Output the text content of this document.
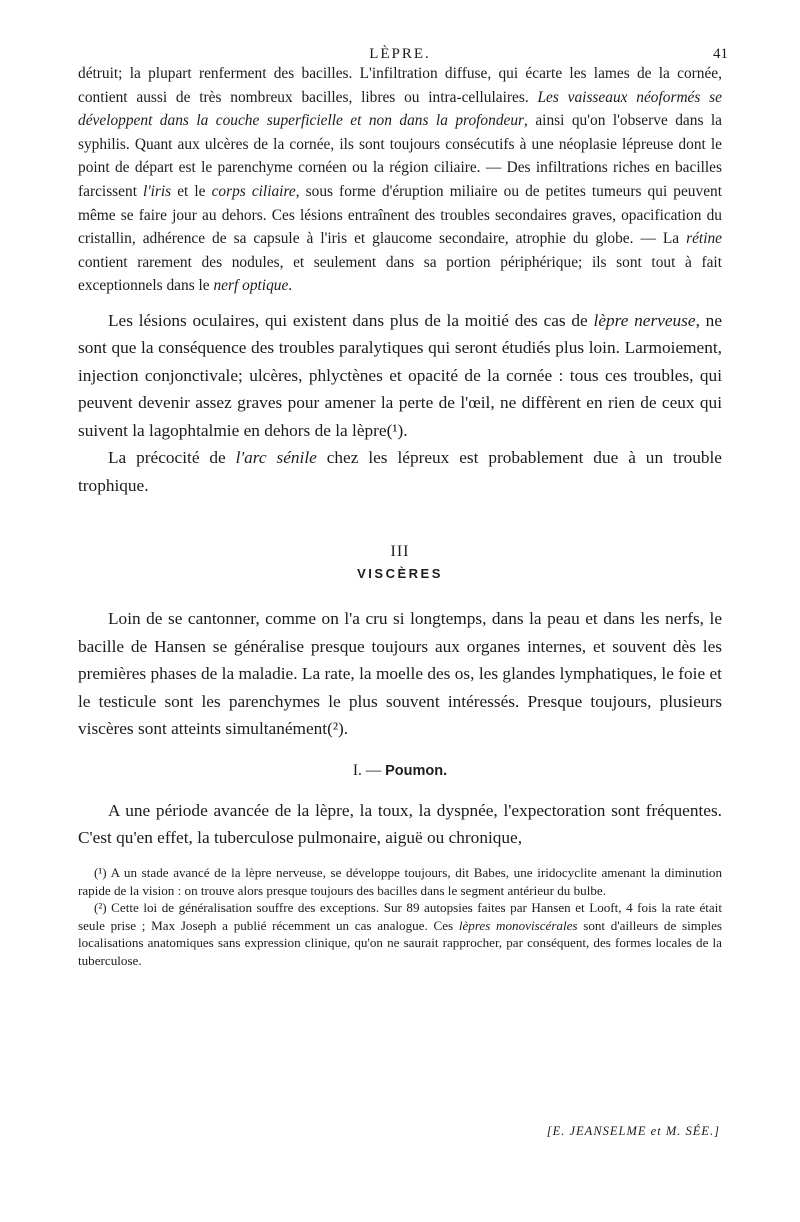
LÈPRE.	41

détruit; la plupart renferment des bacilles. L'infiltration diffuse, qui écarte les lames de la cornée, contient aussi de très nombreux bacilles, libres ou intra-cellulaires. Les vaisseaux néoformés se développent dans la couche superficielle et non dans la profondeur, ainsi qu'on l'observe dans la syphilis. Quant aux ulcères de la cornée, ils sont toujours consécutifs à une néoplasie lépreuse dont le point de départ est le parenchyme cornéen ou la région ciliaire. — Des infiltrations riches en bacilles farcissent l'iris et le corps ciliaire, sous forme d'éruption miliaire ou de petites tumeurs qui peuvent même se faire jour au dehors. Ces lésions entraînent des troubles secondaires graves, opacification du cristallin, adhérence de sa capsule à l'iris et glaucome secondaire, atrophie du globe. — La rétine contient rarement des nodules, et seulement dans sa portion périphérique; ils sont tout à fait exceptionnels dans le nerf optique.

Les lésions oculaires, qui existent dans plus de la moitié des cas de lèpre nerveuse, ne sont que la conséquence des troubles paralytiques qui seront étudiés plus loin. Larmoiement, injection conjonctivale; ulcères, phlyctènes et opacité de la cornée : tous ces troubles, qui peuvent devenir assez graves pour amener la perte de l'œil, ne diffèrent en rien de ceux qui suivent la lagophtalmie en dehors de la lèpre(¹).
La précocité de l'arc sénile chez les lépreux est probablement due à un trouble trophique.

III
VISCÈRES

Loin de se cantonner, comme on l'a cru si longtemps, dans la peau et dans les nerfs, le bacille de Hansen se généralise presque toujours aux organes internes, et souvent dès les premières phases de la maladie. La rate, la moelle des os, les glandes lymphatiques, le foie et le testicule sont les parenchymes le plus souvent intéressés. Presque toujours, plusieurs viscères sont atteints simultanément(²).

I. — Poumon.

A une période avancée de la lèpre, la toux, la dyspnée, l'expectoration sont fréquentes. C'est qu'en effet, la tuberculose pulmonaire, aiguë ou chronique,

(¹) A un stade avancé de la lèpre nerveuse, se développe toujours, dit Babes, une iridocyclite amenant la diminution rapide de la vision : on trouve alors presque toujours des bacilles dans le segment antérieur du bulbe.

(²) Cette loi de généralisation souffre des exceptions. Sur 89 autopsies faites par Hansen et Looft, 4 fois la rate était seule prise ; Max Joseph a publié récemment un cas analogue. Ces lèpres monoviscérales sont d'ailleurs de simples localisations anatomiques sans expression clinique, qu'on ne saurait rapprocher, par conséquent, des formes locales de la tuberculose.

[E. JEANSELME et M. SÉE.]
